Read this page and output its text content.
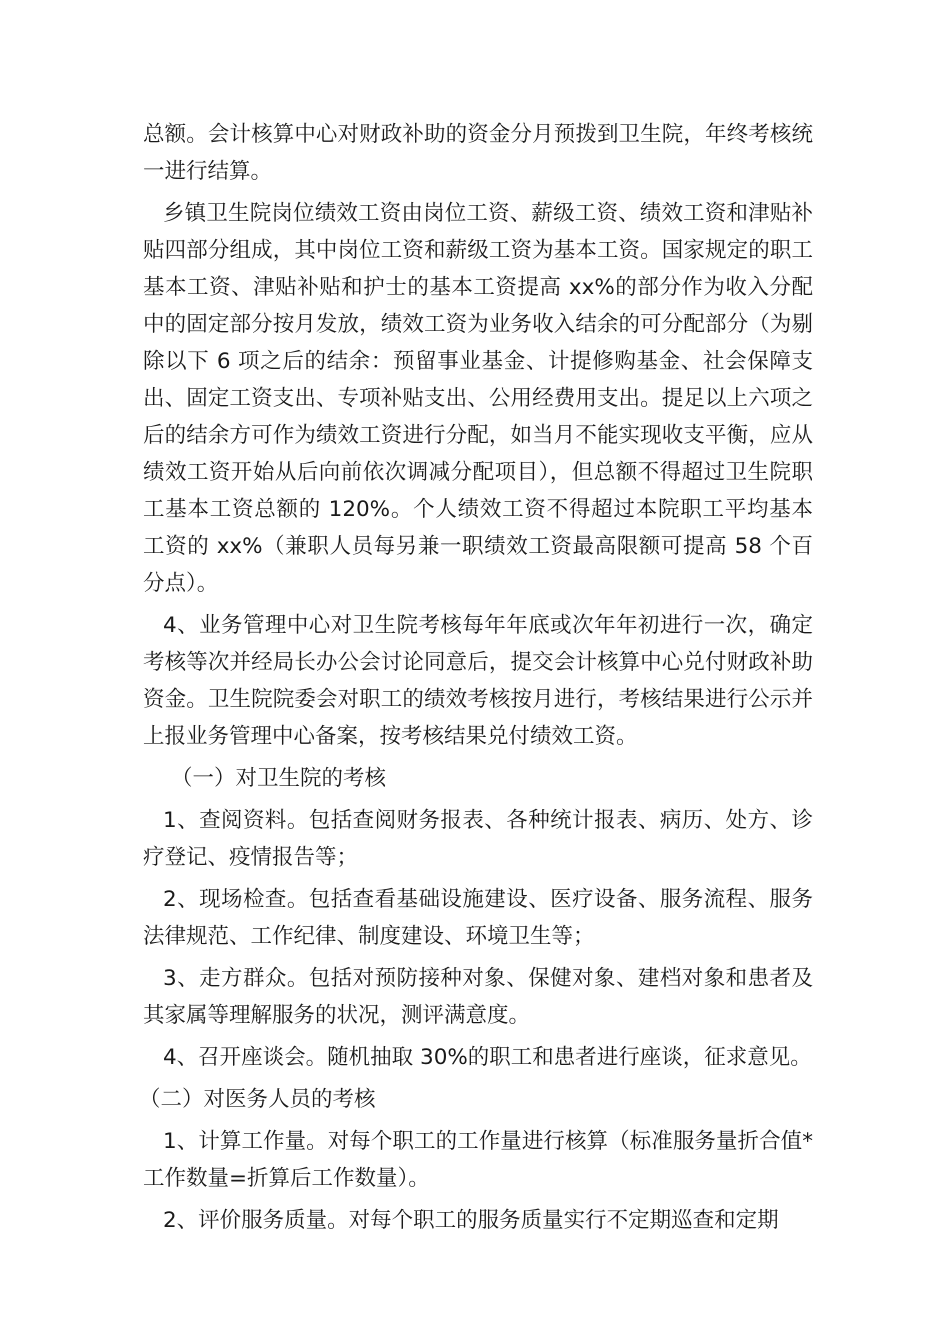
总额。会计核算中心对财政补助的资金分月预拨到卫生院，年终考核统一进行结算。

乡镇卫生院岗位绩效工资由岗位工资、薪级工资、绩效工资和津贴补贴四部分组成，其中岗位工资和薪级工资为基本工资。国家规定的职工基本工资、津贴补贴和护士的基本工资提高 xx%的部分作为收入分配中的固定部分按月发放，绩效工资为业务收入结余的可分配部分（为剔除以下 6 项之后的结余：预留事业基金、计提修购基金、社会保障支出、固定工资支出、专项补贴支出、公用经费用支出。提足以上六项之后的结余方可作为绩效工资进行分配，如当月不能实现收支平衡，应从绩效工资开始从后向前依次调减分配项目），但总额不得超过卫生院职工基本工资总额的 120%。个人绩效工资不得超过本院职工平均基本工资的 xx%（兼职人员每另兼一职绩效工资最高限额可提高 58 个百分点）。

4、业务管理中心对卫生院考核每年年底或次年年初进行一次，确定考核等次并经局长办公会讨论同意后，提交会计核算中心兑付财政补助资金。卫生院院委会对职工的绩效考核按月进行，考核结果进行公示并上报业务管理中心备案，按考核结果兑付绩效工资。

（一）对卫生院的考核

1、查阅资料。包括查阅财务报表、各种统计报表、病历、处方、诊疗登记、疫情报告等；

2、现场检查。包括查看基础设施建设、医疗设备、服务流程、服务法律规范、工作纪律、制度建设、环境卫生等；

3、走方群众。包括对预防接种对象、保健对象、建档对象和患者及其家属等理解服务的状况，测评满意度。

4、召开座谈会。随机抽取 30%的职工和患者进行座谈，征求意见。

（二）对医务人员的考核

1、计算工作量。对每个职工的工作量进行核算（标准服务量折合值*工作数量=折算后工作数量）。

2、评价服务质量。对每个职工的服务质量实行不定期巡查和定期
